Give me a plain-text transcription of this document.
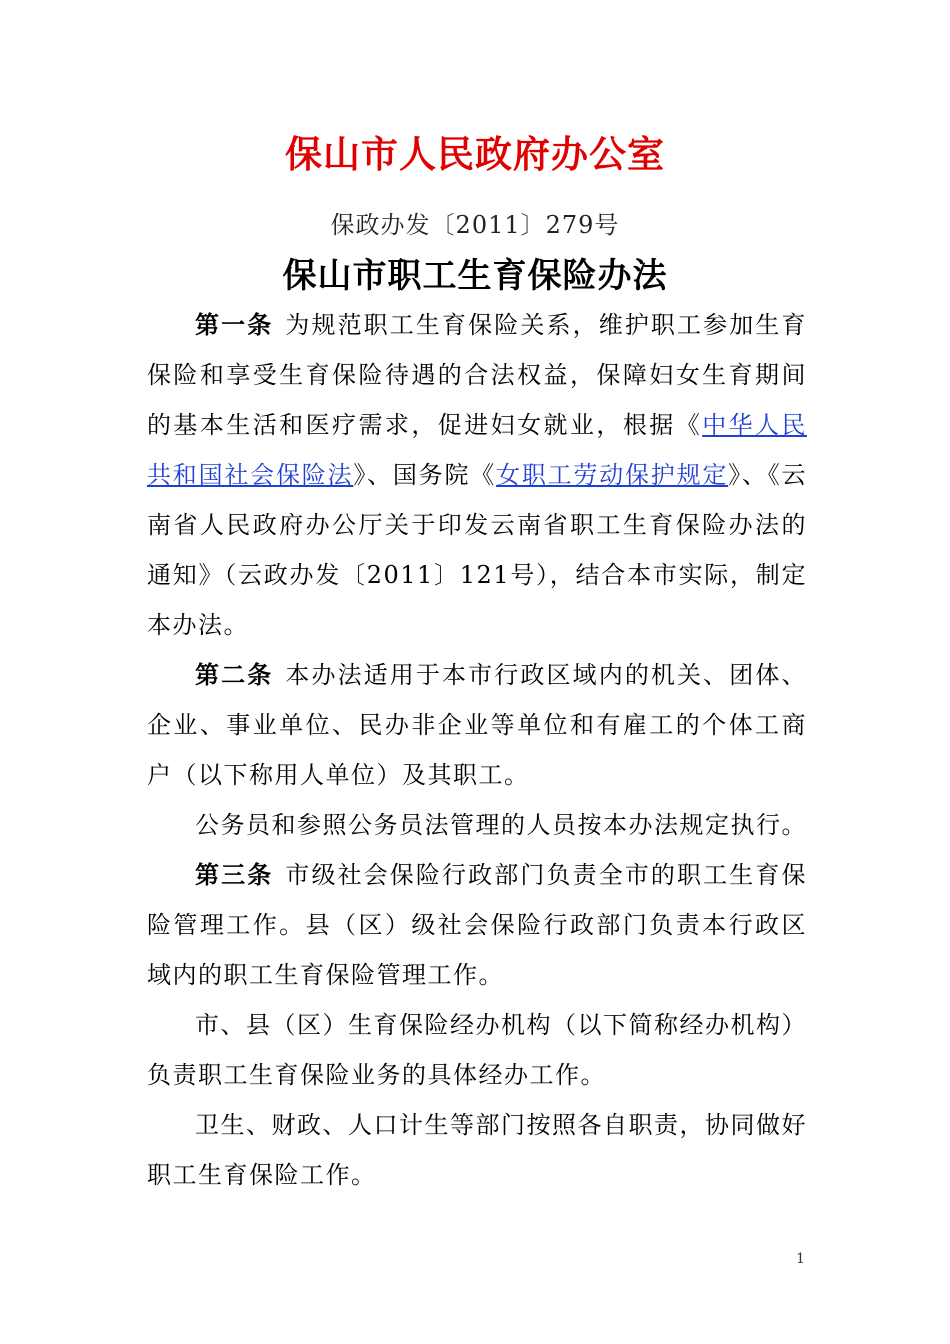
保山市人民政府办公室
保政办发〔2011〕279号
保山市职工生育保险办法

第一条 为规范职工生育保险关系，维护职工参加生育保险和享受生育保险待遇的合法权益，保障妇女生育期间的基本生活和医疗需求，促进妇女就业，根据《中华人民共和国社会保险法》、国务院《女职工劳动保护规定》、《云南省人民政府办公厅关于印发云南省职工生育保险办法的通知》（云政办发〔2011〕121号），结合本市实际，制定本办法。

第二条 本办法适用于本市行政区域内的机关、团体、企业、事业单位、民办非企业等单位和有雇工的个体工商户（以下称用人单位）及其职工。

公务员和参照公务员法管理的人员按本办法规定执行。

第三条 市级社会保险行政部门负责全市的职工生育保险管理工作。县（区）级社会保险行政部门负责本行政区域内的职工生育保险管理工作。

市、县（区）生育保险经办机构（以下简称经办机构）负责职工生育保险业务的具体经办工作。

卫生、财政、人口计生等部门按照各自职责，协同做好职工生育保险工作。

1
